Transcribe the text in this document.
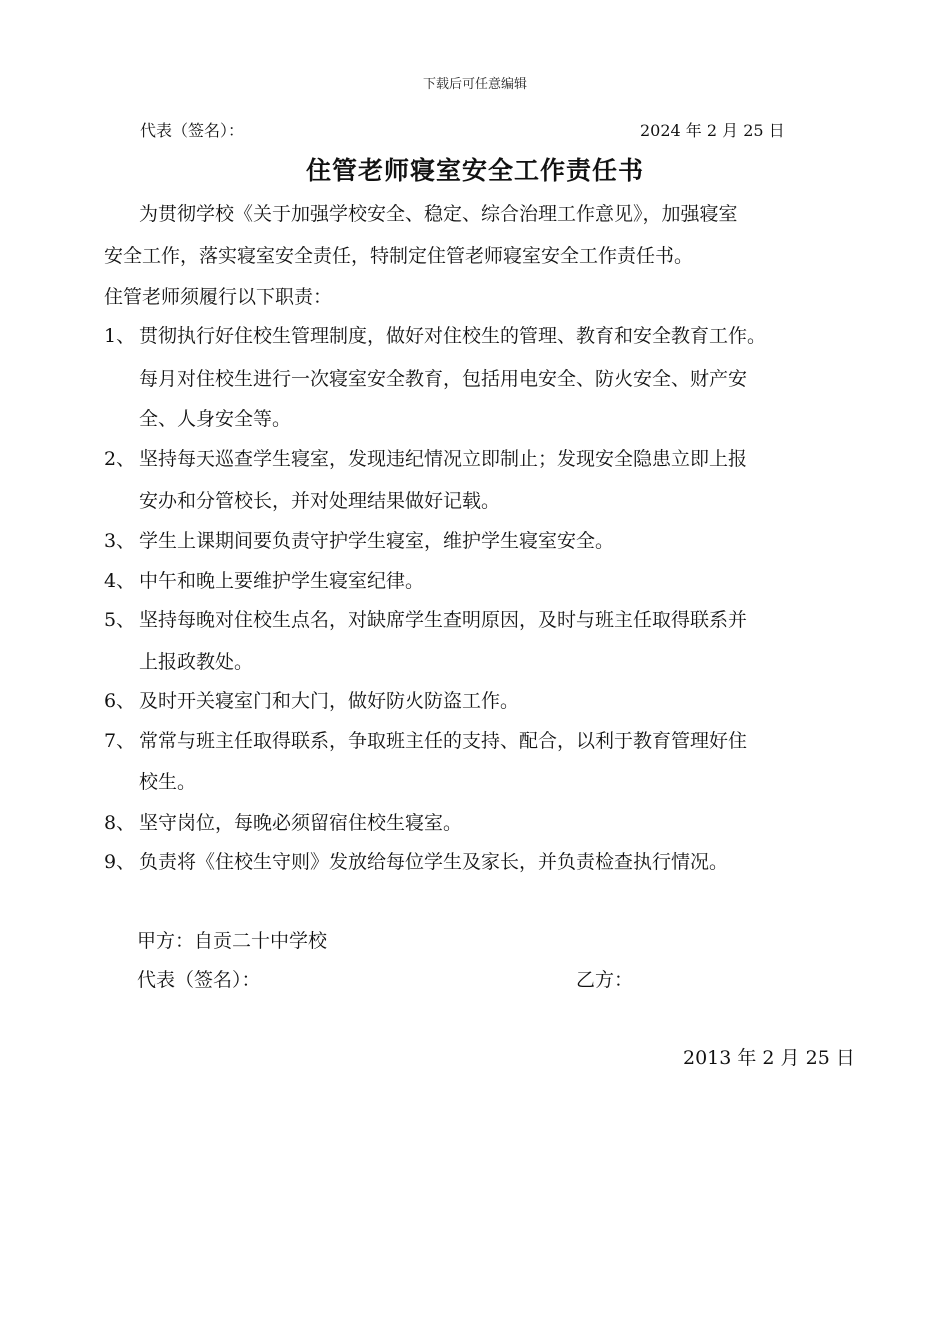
下载后可任意编辑
代表（签名）：	2024 年 2 月 25 日
住管老师寝室安全工作责任书
为贯彻学校《关于加强学校安全、稳定、综合治理工作意见》，加强寝室
安全工作，落实寝室安全责任，特制定住管老师寝室安全工作责任书。
住管老师须履行以下职责：
1、 贯彻执行好住校生管理制度，做好对住校生的管理、教育和安全教育工作。
每月对住校生进行一次寝室安全教育，包括用电安全、防火安全、财产安
全、人身安全等。
2、 坚持每天巡查学生寝室，发现违纪情况立即制止；发现安全隐患立即上报
安办和分管校长，并对处理结果做好记载。
3、 学生上课期间要负责守护学生寝室，维护学生寝室安全。
4、 中午和晚上要维护学生寝室纪律。
5、 坚持每晚对住校生点名，对缺席学生查明原因，及时与班主任取得联系并
上报政教处。
6、 及时开关寝室门和大门，做好防火防盗工作。
7、 常常与班主任取得联系，争取班主任的支持、配合，以利于教育管理好住
校生。
8、 坚守岗位，每晚必须留宿住校生寝室。
9、 负责将《住校生守则》发放给每位学生及家长，并负责检查执行情况。
甲方：自贡二十中学校
代表（签名）：	乙方：
2013 年 2 月 25 日
